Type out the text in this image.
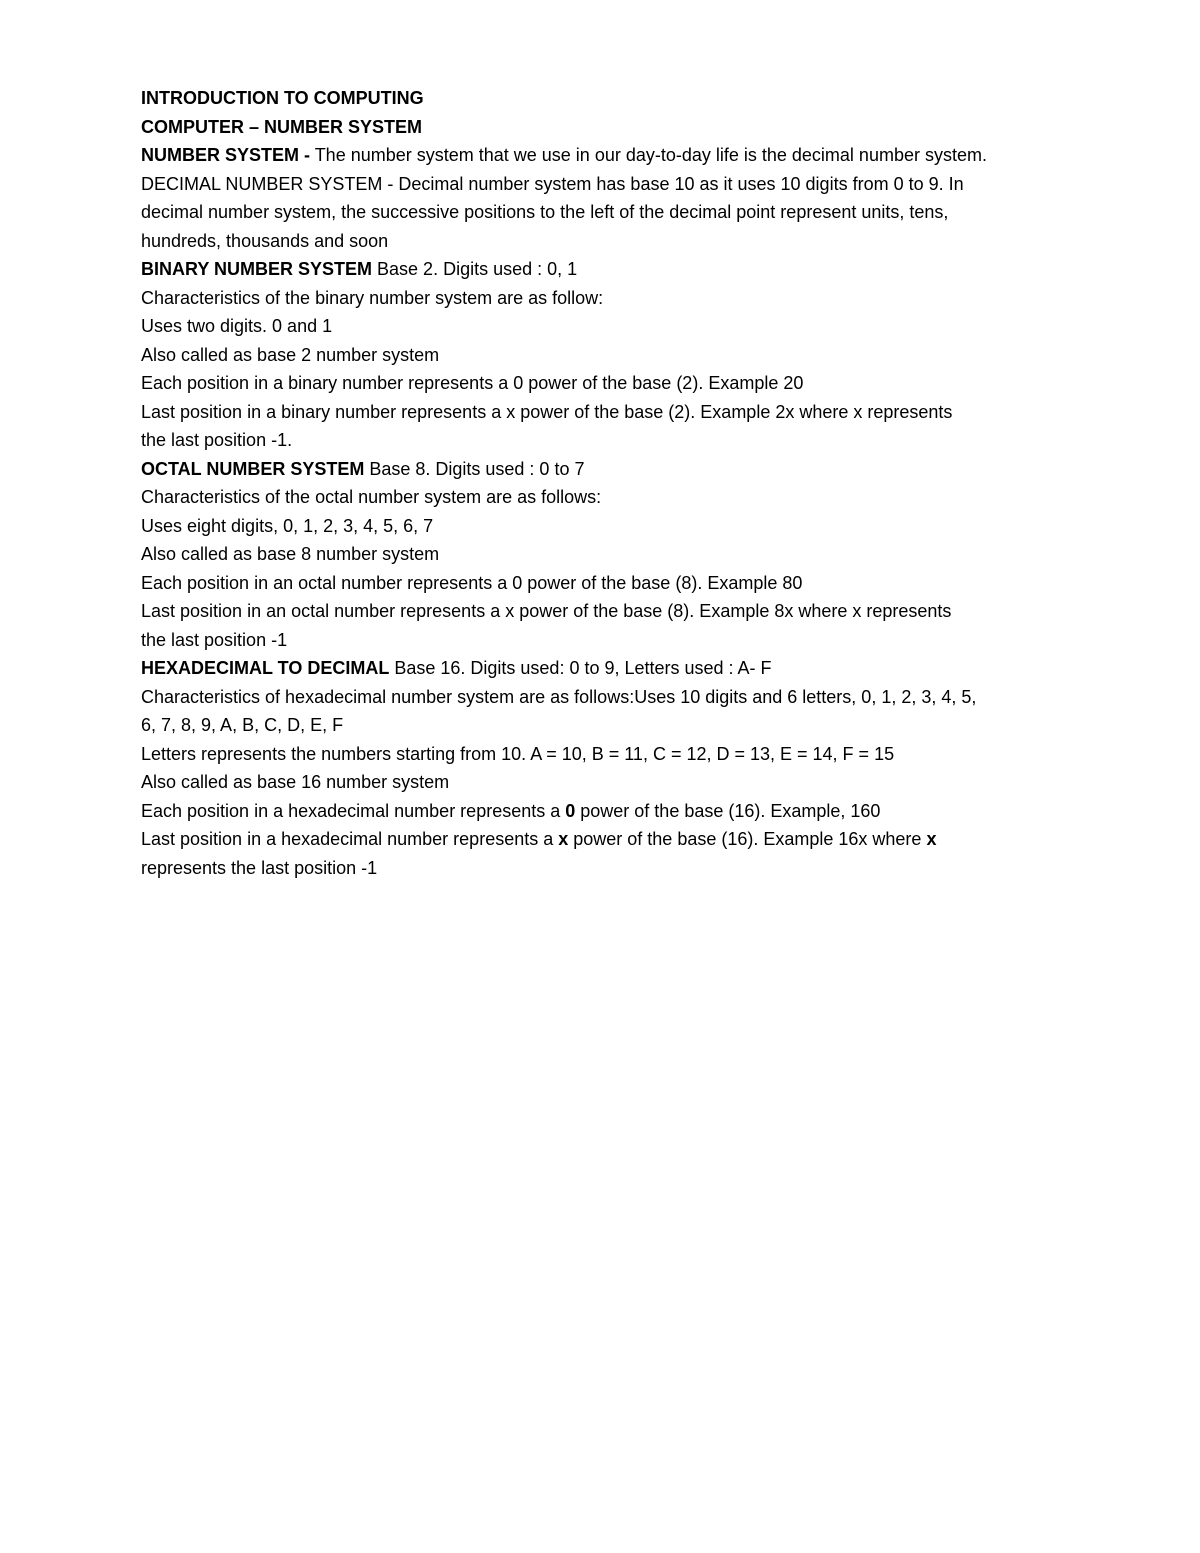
INTRODUCTION TO COMPUTING
COMPUTER – NUMBER SYSTEM
NUMBER SYSTEM - The number system that we use in our day-to-day life is the decimal number system.
DECIMAL NUMBER SYSTEM - Decimal number system has base 10 as it uses 10 digits from 0 to 9. In
decimal number system, the successive positions to the left of the decimal point represent units, tens,
hundreds, thousands and soon
BINARY NUMBER SYSTEM Base 2. Digits used : 0, 1
Characteristics of the binary number system are as follow:
Uses two digits. 0 and 1
Also called as base 2 number system
Each position in a binary number represents a 0 power of the base (2). Example 20
Last position in a binary number represents a x power of the base (2). Example 2x where x represents
the last position -1.
OCTAL NUMBER SYSTEM Base 8. Digits used : 0 to 7
Characteristics of the octal number system are as follows:
Uses eight digits, 0, 1, 2, 3, 4, 5, 6, 7
Also called as base 8 number system
Each position in an octal number represents a 0 power of the base (8). Example 80
Last position in an octal number represents a x power of the base (8). Example 8x where x represents
the last position -1
HEXADECIMAL TO DECIMAL Base 16. Digits used: 0 to 9, Letters used : A- F
Characteristics of hexadecimal number system are as follows:Uses 10 digits and 6 letters, 0, 1, 2, 3, 4, 5,
6, 7, 8, 9, A, B, C, D, E, F
Letters represents the numbers starting from 10. A = 10, B = 11, C = 12, D = 13, E = 14, F = 15
Also called as base 16 number system
Each position in a hexadecimal number represents a 0 power of the base (16). Example, 160
Last position in a hexadecimal number represents a x power of the base (16). Example 16x where x
represents the last position -1
